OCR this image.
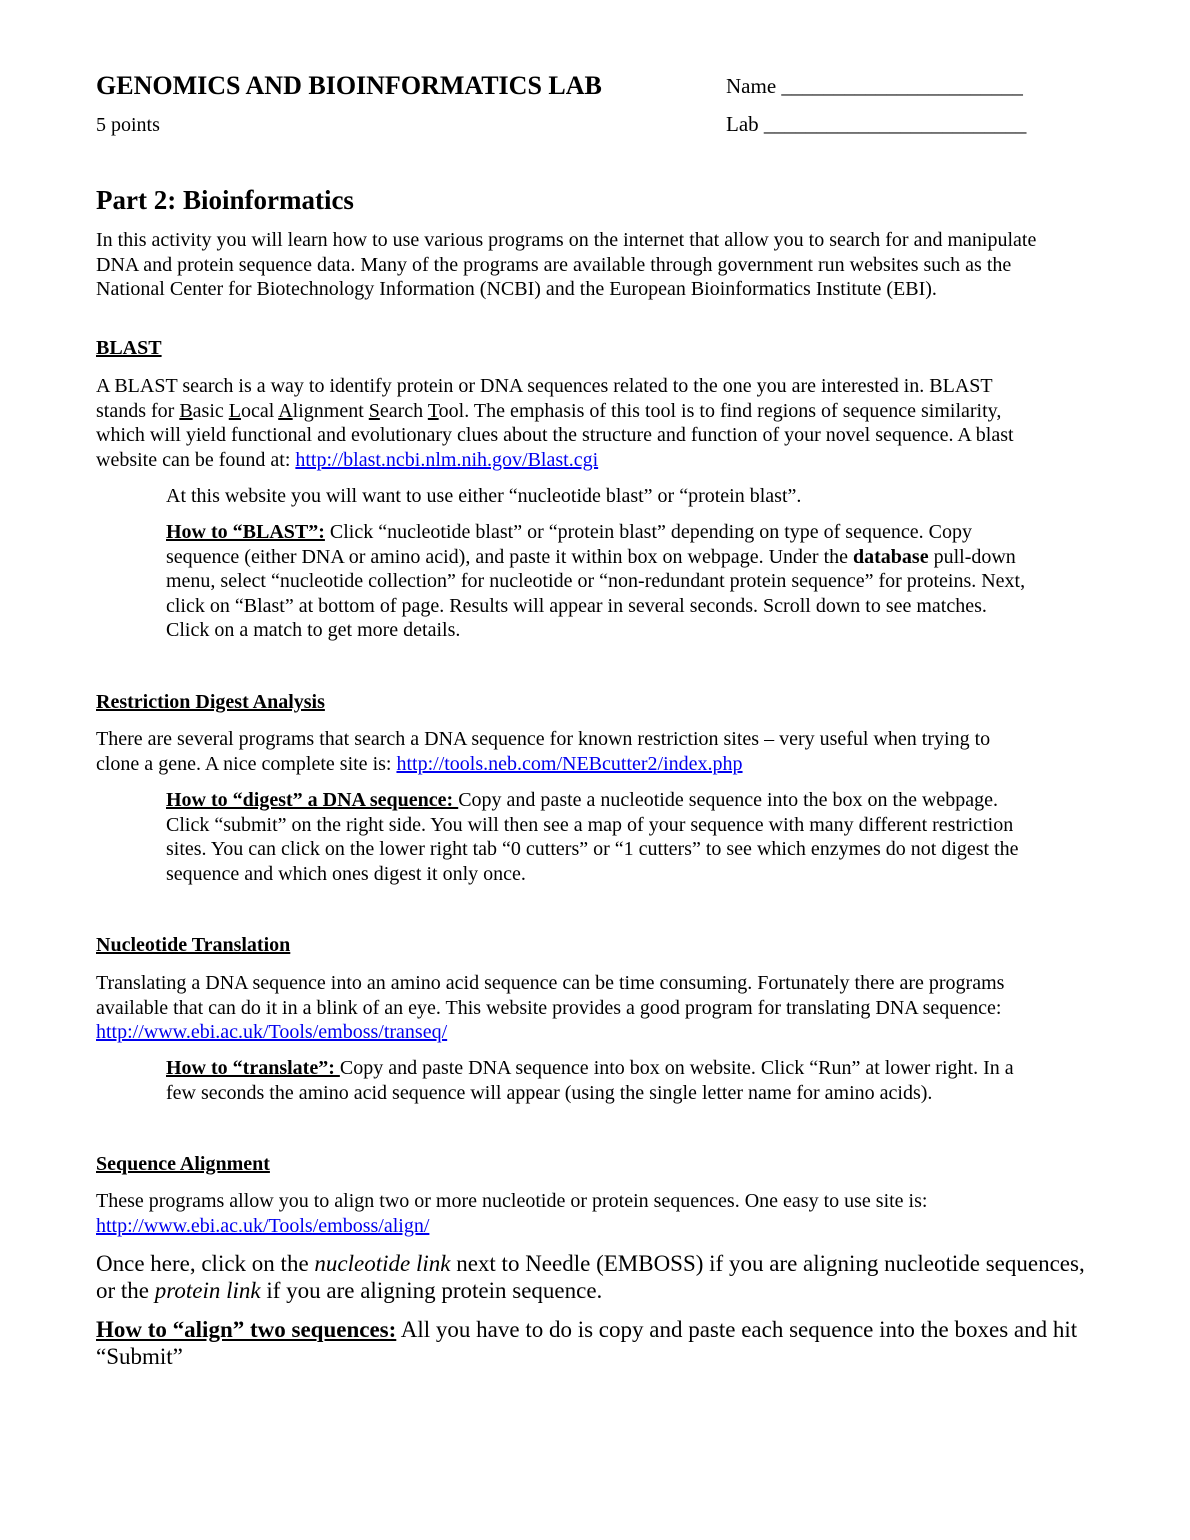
GENOMICS AND BIOINFORMATICS LAB	Name _______________________
5 points	Lab _________________________
Part 2: Bioinformatics
In this activity you will learn how to use various programs on the internet that allow you to search for and manipulate
DNA and protein sequence data. Many of the programs are available through government run websites such as the
National Center for Biotechnology Information (NCBI) and the European Bioinformatics Institute (EBI).
BLAST
A BLAST search is a way to identify protein or DNA sequences related to the one you are interested in. BLAST
stands for Basic Local Alignment Search Tool. The emphasis of this tool is to find regions of sequence similarity,
which will yield functional and evolutionary clues about the structure and function of your novel sequence. A blast
website can be found at: http://blast.ncbi.nlm.nih.gov/Blast.cgi
At this website you will want to use either “nucleotide blast” or “protein blast”.
How to “BLAST”: Click “nucleotide blast” or “protein blast” depending on type of sequence. Copy
sequence (either DNA or amino acid), and paste it within box on webpage. Under the database pull-down
menu, select “nucleotide collection” for nucleotide or “non-redundant protein sequence” for proteins. Next,
click on “Blast” at bottom of page. Results will appear in several seconds. Scroll down to see matches.
Click on a match to get more details.
Restriction Digest Analysis
There are several programs that search a DNA sequence for known restriction sites – very useful when trying to
clone a gene. A nice complete site is: http://tools.neb.com/NEBcutter2/index.php
How to “digest” a DNA sequence: Copy and paste a nucleotide sequence into the box on the webpage.
Click “submit” on the right side. You will then see a map of your sequence with many different restriction
sites. You can click on the lower right tab “0 cutters” or “1 cutters” to see which enzymes do not digest the
sequence and which ones digest it only once.
Nucleotide Translation
Translating a DNA sequence into an amino acid sequence can be time consuming. Fortunately there are programs
available that can do it in a blink of an eye. This website provides a good program for translating DNA sequence:
http://www.ebi.ac.uk/Tools/emboss/transeq/
How to “translate”: Copy and paste DNA sequence into box on website. Click “Run” at lower right. In a
few seconds the amino acid sequence will appear (using the single letter name for amino acids).
Sequence Alignment
These programs allow you to align two or more nucleotide or protein sequences. One easy to use site is:
http://www.ebi.ac.uk/Tools/emboss/align/
Once here, click on the nucleotide link next to Needle (EMBOSS) if you are aligning nucleotide sequences,
or the protein link if you are aligning protein sequence.
How to “align” two sequences: All you have to do is copy and paste each sequence into the boxes and hit
“Submit”
